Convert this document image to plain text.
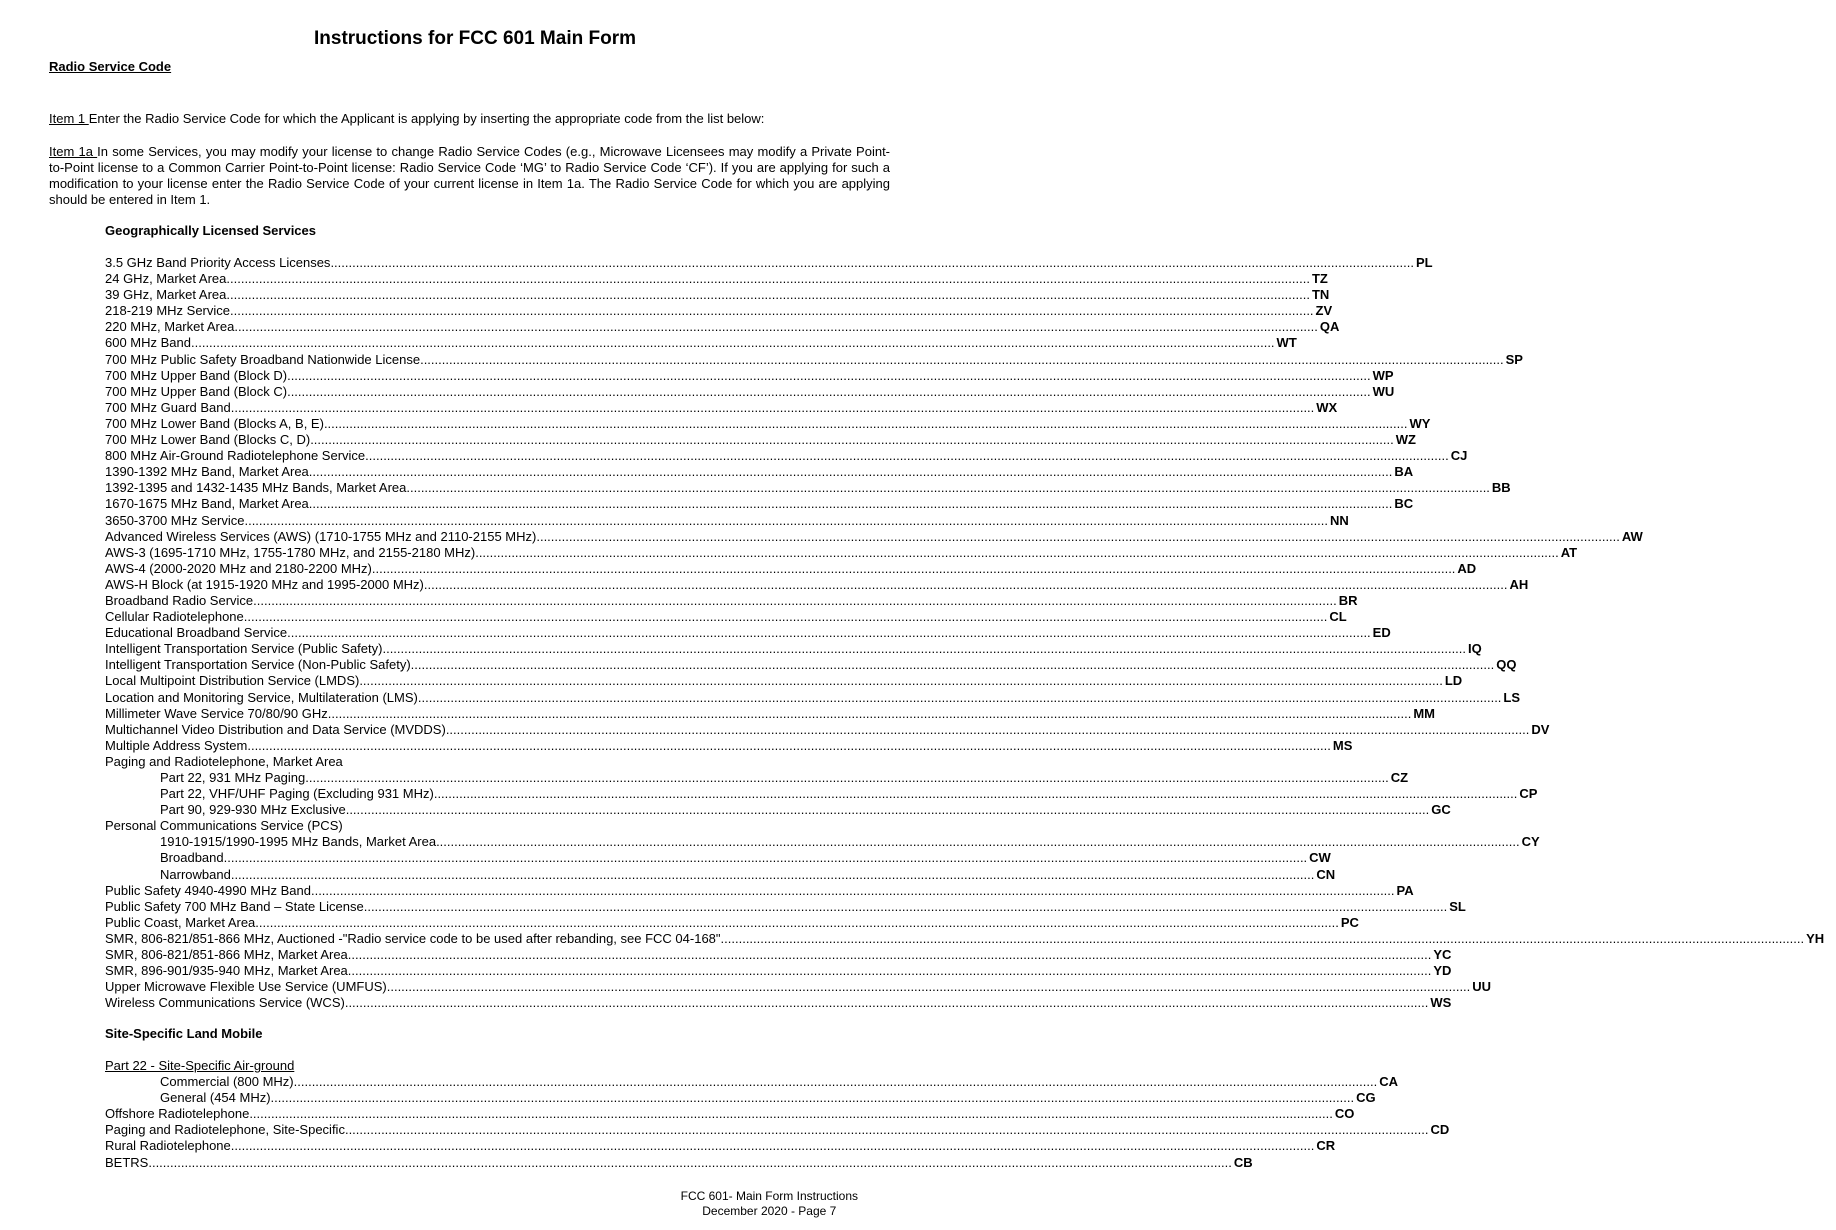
Instructions for FCC 601 Main Form
Radio Service Code
Item 1 Enter the Radio Service Code for which the Applicant is applying by inserting the appropriate code from the list below:
Item 1a In some Services, you may modify your license to change Radio Service Codes (e.g., Microwave Licensees may modify a Private Point-to-Point license to a Common Carrier Point-to-Point license: Radio Service Code ‘MG’ to Radio Service Code ‘CF’). If you are applying for such a modification to your license enter the Radio Service Code of your current license in Item 1a. The Radio Service Code for which you are applying should be entered in Item 1.
Geographically Licensed Services
3.5 GHz Band Priority Access Licenses ............................................................................................................................................................................................................................................................................................................ PL
24 GHz, Market Area ............................................................................................................................................................................................................................................................................................................ TZ
39 GHz, Market Area ............................................................................................................................................................................................................................................................................................................ TN
218-219 MHz Service ............................................................................................................................................................................................................................................................................................................ ZV
220 MHz, Market Area ............................................................................................................................................................................................................................................................................................................ QA
600 MHz Band ............................................................................................................................................................................................................................................................................................................ WT
700 MHz Public Safety Broadband Nationwide License ............................................................................................................................................................................................................................................................................................................ SP
700 MHz Upper Band (Block D) ............................................................................................................................................................................................................................................................................................................ WP
700 MHz Upper Band (Block C) ............................................................................................................................................................................................................................................................................................................ WU
700 MHz Guard Band ............................................................................................................................................................................................................................................................................................................ WX
700 MHz Lower Band (Blocks A, B, E) ............................................................................................................................................................................................................................................................................................................ WY
700 MHz Lower Band (Blocks C, D) ............................................................................................................................................................................................................................................................................................................ WZ
800 MHz Air-Ground Radiotelephone Service ............................................................................................................................................................................................................................................................................................................ CJ
1390-1392 MHz Band, Market Area ............................................................................................................................................................................................................................................................................................................ BA
1392-1395 and 1432-1435 MHz Bands, Market Area ............................................................................................................................................................................................................................................................................................................ BB
1670-1675 MHz Band, Market Area ............................................................................................................................................................................................................................................................................................................ BC
3650-3700 MHz Service ............................................................................................................................................................................................................................................................................................................ NN
Advanced Wireless Services (AWS) (1710-1755 MHz and 2110-2155 MHz) ............................................................................................................................................................................................................................................................................................................ AW
AWS-3 (1695-1710 MHz, 1755-1780 MHz, and 2155-2180 MHz) ............................................................................................................................................................................................................................................................................................................ AT
AWS-4 (2000-2020 MHz and 2180-2200 MHz) ............................................................................................................................................................................................................................................................................................................ AD
AWS-H Block (at 1915-1920 MHz and 1995-2000 MHz) ............................................................................................................................................................................................................................................................................................................ AH
Broadband Radio Service ............................................................................................................................................................................................................................................................................................................ BR
Cellular Radiotelephone ............................................................................................................................................................................................................................................................................................................ CL
Educational Broadband Service ............................................................................................................................................................................................................................................................................................................ ED
Intelligent Transportation Service (Public Safety) ............................................................................................................................................................................................................................................................................................................ IQ
Intelligent Transportation Service (Non-Public Safety) ............................................................................................................................................................................................................................................................................................................ QQ
Local Multipoint Distribution Service (LMDS) ............................................................................................................................................................................................................................................................................................................ LD
Location and Monitoring Service, Multilateration (LMS) ............................................................................................................................................................................................................................................................................................................ LS
Millimeter Wave Service 70/80/90 GHz ............................................................................................................................................................................................................................................................................................................ MM
Multichannel Video Distribution and Data Service (MVDDS) ............................................................................................................................................................................................................................................................................................................ DV
Multiple Address System ............................................................................................................................................................................................................................................................................................................ MS
Paging and Radiotelephone, Market Area
Part 22, 931 MHz Paging ............................................................................................................................................................................................................................................................................................................ CZ
Part 22, VHF/UHF Paging (Excluding 931 MHz) ............................................................................................................................................................................................................................................................................................................ CP
Part 90, 929-930 MHz Exclusive ............................................................................................................................................................................................................................................................................................................ GC
Personal Communications Service (PCS)
1910-1915/1990-1995 MHz Bands, Market Area ............................................................................................................................................................................................................................................................................................................ CY
Broadband ............................................................................................................................................................................................................................................................................................................ CW
Narrowband ............................................................................................................................................................................................................................................................................................................ CN
Public Safety 4940-4990 MHz Band ............................................................................................................................................................................................................................................................................................................ PA
Public Safety 700 MHz Band – State License ............................................................................................................................................................................................................................................................................................................ SL
Public Coast, Market Area ............................................................................................................................................................................................................................................................................................................ PC
SMR, 806-821/851-866 MHz, Auctioned -"Radio service code to be used after rebanding, see FCC 04-168" ............................................................................................................................................................................................................................................................................................................ YH
SMR, 806-821/851-866 MHz, Market Area ............................................................................................................................................................................................................................................................................................................ YC
SMR, 896-901/935-940 MHz, Market Area ............................................................................................................................................................................................................................................................................................................ YD
Upper Microwave Flexible Use Service (UMFUS) ............................................................................................................................................................................................................................................................................................................ UU
Wireless Communications Service (WCS) ............................................................................................................................................................................................................................................................................................................ WS
Site-Specific Land Mobile
Part 22 - Site-Specific Air-ground
Commercial (800 MHz) ............................................................................................................................................................................................................................................................................................................ CA
General (454 MHz) ............................................................................................................................................................................................................................................................................................................ CG
Offshore Radiotelephone ............................................................................................................................................................................................................................................................................................................ CO
Paging and Radiotelephone, Site-Specific ............................................................................................................................................................................................................................................................................................................ CD
Rural Radiotelephone ............................................................................................................................................................................................................................................................................................................ CR
BETRS ............................................................................................................................................................................................................................................................................................................ CB
FCC 601- Main Form Instructions
December 2020 - Page 7
